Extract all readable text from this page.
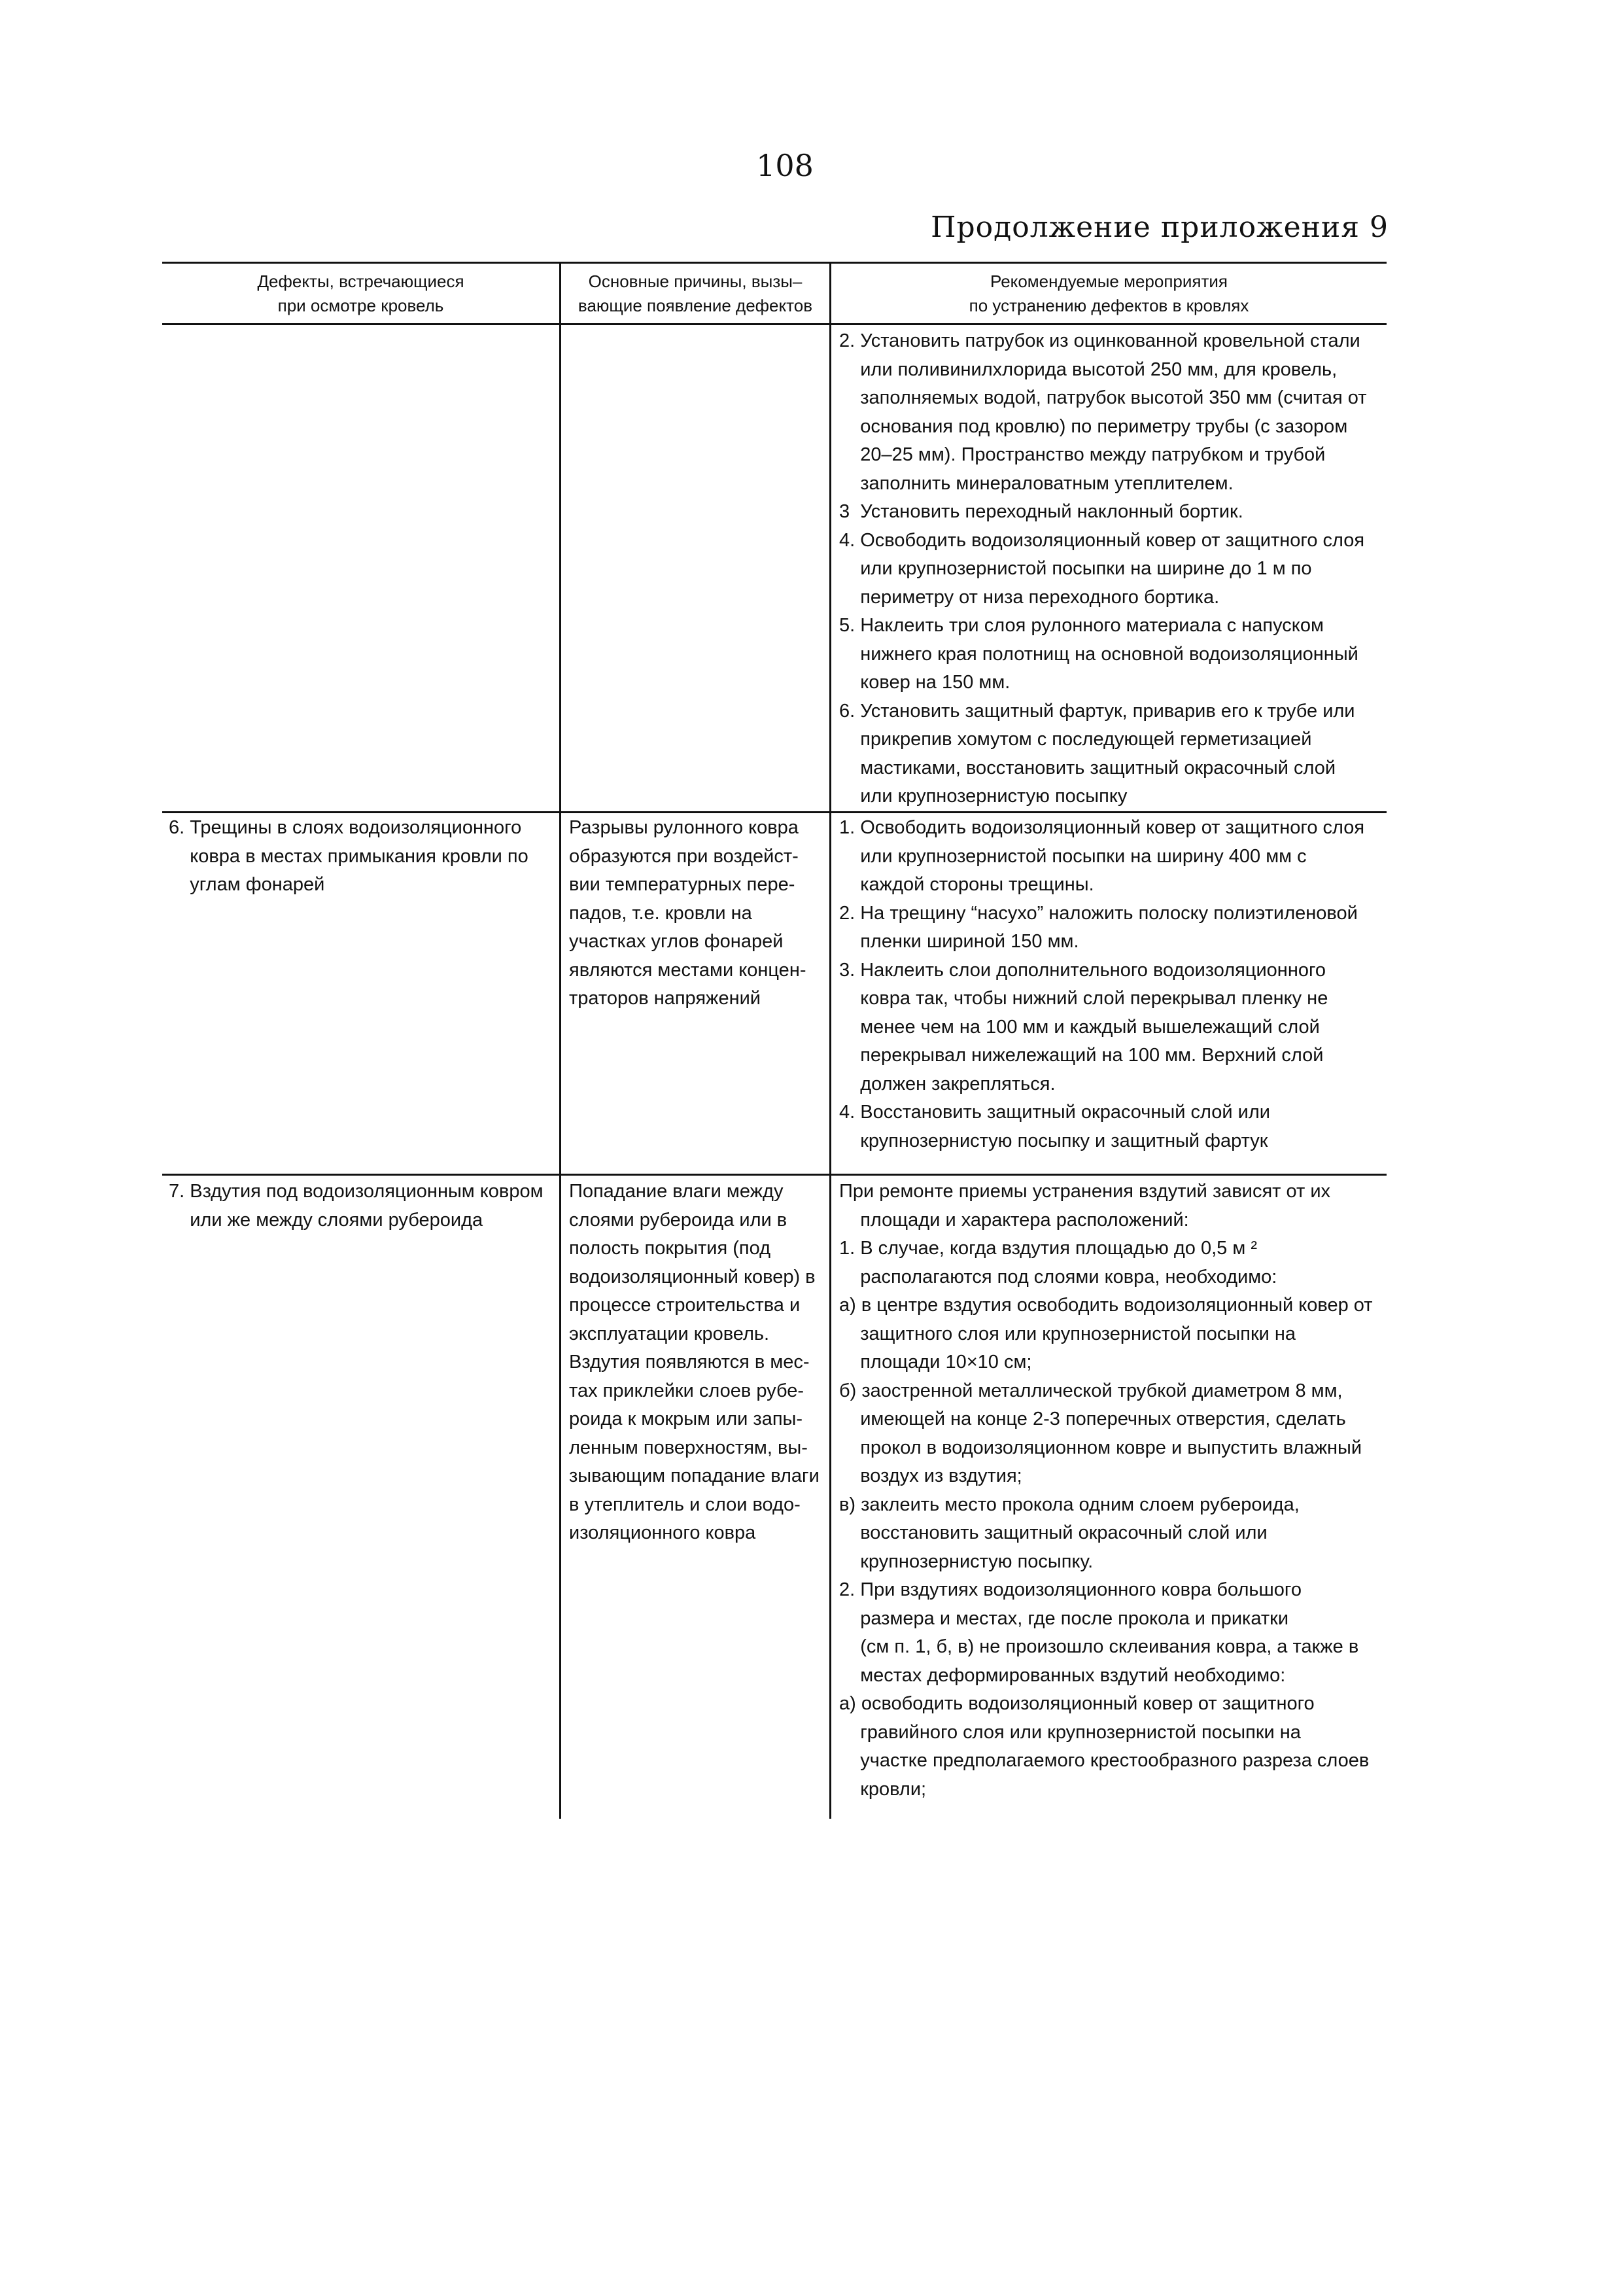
108
Продолжение приложения 9
Дефекты, встречающиеся
при осмотре кровель
Основные причины, вызы–
вающие появление дефектов
Рекомендуемые мероприятия
по устранению дефектов в кровлях
2. Установить патрубок из оцинкованной кровельной стали
или поливинилхлорида высотой 250 мм, для кровель,
заполняемых водой, патрубок высотой 350 мм (считая от
основания под кровлю) по периметру трубы (с зазором
20–25 мм). Пространство между патрубком и трубой
заполнить минераловатным утеплителем.
3  Установить переходный наклонный бортик.
4. Освободить водоизоляционный ковер от защитного слоя
или крупнозернистой посыпки на ширине до 1 м по
периметру от низа переходного бортика.
5. Наклеить три слоя рулонного материала с напуском
нижнего края полотнищ на основной водоизоляционный
ковер на 150 мм.
6. Установить защитный фартук, приварив его к трубе или
прикрепив хомутом с последующей герметизацией
мастиками, восстановить защитный окрасочный слой
или крупнозернистую посыпку
6. Трещины в слоях водоизоляционного
ковра в местах примыкания кровли по
углам фонарей
Разрывы рулонного ковра
образуются при воздейст-
вии температурных пере-
падов, т.е. кровли на
участках углов фонарей
являются местами концен-
траторов напряжений
1. Освободить водоизоляционный ковер от защитного слоя
или крупнозернистой посыпки на ширину 400 мм с
каждой стороны трещины.
2. На трещину “насухо” наложить полоску полиэтиленовой
пленки шириной 150 мм.
3. Наклеить слои дополнительного водоизоляционного
ковра так, чтобы нижний слой перекрывал пленку не
менее чем на 100 мм и каждый вышележащий слой
перекрывал нижележащий на 100 мм. Верхний слой
должен закрепляться.
4. Восстановить защитный окрасочный слой или
крупнозернистую посыпку и защитный фартук
7. Вздутия под водоизоляционным ковром
или же между слоями рубероида
Попадание влаги между
слоями рубероида или в
полость покрытия (под
водоизоляционный ковер) в
процессе строительства и
эксплуатации кровель.
Вздутия появляются в мес-
тах приклейки слоев рубе-
роида к мокрым или запы-
ленным поверхностям, вы-
зывающим попадание влаги
в утеплитель и слои водо-
изоляционного ковра
При ремонте приемы устранения вздутий зависят от их
площади и характера расположений:
1. В случае, когда вздутия площадью до 0,5 м ²
располагаются под слоями ковра, необходимо:
а) в центре вздутия освободить водоизоляционный ковер от
защитного слоя или крупнозернистой посыпки на
площади 10×10 см;
б) заостренной металлической трубкой диаметром 8 мм,
имеющей на конце 2-3 поперечных отверстия, сделать
прокол в водоизоляционном ковре и выпустить влажный
воздух из вздутия;
в) заклеить место прокола одним слоем рубероида,
восстановить защитный окрасочный слой или
крупнозернистую посыпку.
2. При вздутиях водоизоляционного ковра большого
размера и местах, где после прокола и прикатки
(см п. 1, б, в) не произошло склеивания ковра, а также в
местах деформированных вздутий необходимо:
а) освободить водоизоляционный ковер от защитного
гравийного слоя или крупнозернистой посыпки на
участке предполагаемого крестообразного разреза слоев
кровли;
